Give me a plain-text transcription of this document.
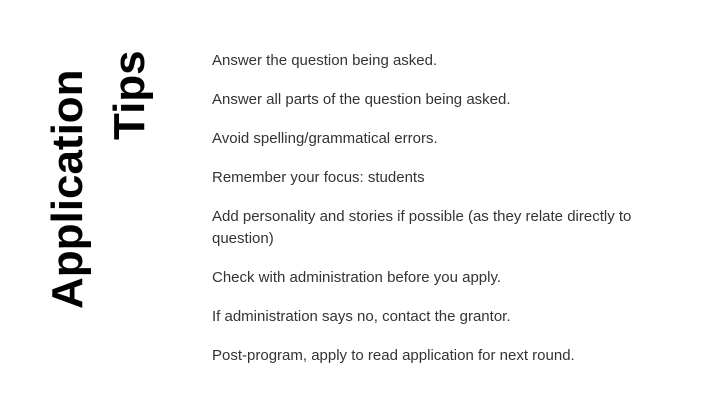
Application Tips	Answer the question being asked.
Answer all parts of the question being asked.
Avoid spelling/grammatical errors.
Remember your focus: students
Add personality and stories if possible (as they relate directly to question)
Check with administration before you apply.
If administration says no, contact the grantor.
Post-program, apply to read application for next round.
